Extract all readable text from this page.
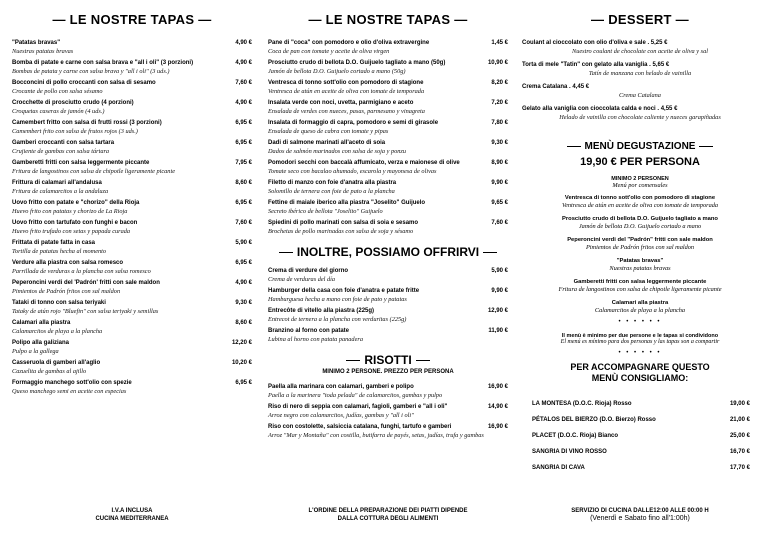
— LE NOSTRE TAPAS —
"Patatas bravas"	4,90 €
Nuestras patatas bravas
Bomba di patate e carne con salsa brava e "all i oli" (3 porzioni)	4,90 €
Bombas de patata y carne con salsa brava y "all i oli" (3 uds.)
Bocconcini di pollo croccanti con salsa di sesamo	7,60 €
Crocante de pollo con salsa sésamo
Crocchette di prosciutto crudo (4 porzioni)	4,90 €
Croquetas caseras de jamón (4 uds.)
Camembert fritto con salsa di frutti rossi (3 porzioni)	6,95 €
Camembert frito con salsa de frutos rojos (3 uds.)
Gamberi croccanti con salsa tartara	6,95 €
Crujiente de gambas con salsa tártara
Gamberetti fritti con salsa leggermente piccante	7,95 €
Fritura de langostinos con salsa de chipotle ligeramente picante
Frittura di calamari all'andalusa	8,60 €
Fritura de calamarcitos a la andaluza
Uovo fritto con patate e "chorizo" della Rioja	6,95 €
Huevo frito con patatas y chorizo de La Rioja
Uovo fritto con tartufato con funghi e bacon	7,60 €
Huevo frito trufado con setas y papada curada
Frittata di patate fatta in casa	5,90 €
Tortilla de patatas hecha al momento
Verdure alla piastra con salsa romesco	6,95 €
Parrillada de verduras a la plancha con salsa romesco
Peperoncini verdi del 'Padrón' fritti con sale maldon	4,90 €
Pimientos de Padrón fritos con sal maldon
Tataki di tonno con salsa teriyaki	9,30 €
Tataky de atún rojo "Bluefin" con salsa teriyaki y semillas
Calamari alla piastra	8,60 €
Calamarcitos de playa a la plancha
Polipo alla galiziana	12,20 €
Pulpo a la gallega
Casseruola di gamberi all'aglio	10,20 €
Cazuelita de gambas al ajillo
Formaggio manchego sott'olio con spezie	6,95 €
Queso manchego semi en aceite con especias
I.V.A INCLUSA
CUCINA MEDITERRANEA
— LE NOSTRE TAPAS —
Pane di "coca" con pomodoro e olio d'oliva extravergine	1,45 €
Coca de pan con tomate y aceite de oliva virgen
Prosciutto crudo di bellota D.O. Guijuelo tagliato a mano (50g)	10,90 €
Jamón de bellota D.O. Guijuelo cortado a mano (50g)
Ventresca di tonno sott'olio con pomodoro di stagione	8,20 €
Ventresca de atún en aceite de oliva con tomate de temporada
Insalata verde con noci, uvetta, parmigiano e aceto	7,20 €
Ensalada de verdes con nueces, pasas, parmesano y vinagreta
Insalata di formaggio di capra, pomodoro e semi di girasole	7,80 €
Ensalada de queso de cabra con tomate y pipas
Dadi di salmone marinati all'aceto di soia	9,30 €
Dados de salmón marinados con salsa de soja y ponzu
Pomodori secchi con baccalà affumicato, verza e maionese di olive	8,90 €
Tomate seco con bacalao ahumado, escarola y mayonesa de olivas
Filetto di manzo con foie d'anatra alla piastra	9,90 €
Solomillo de ternera con foie de pato a la plancha
Fettine di maiale iberico alla piastra "Joselito" Guijuelo	9,65 €
Secreto ibérico de bellota "Joselito" Guijuelo
Spiedini di pollo marinati con salsa di soia e sesamo	7,60 €
Brochetas de pollo marinadas con salsa de soja y sésamo
INOLTRE, POSSIAMO OFFRIRVI
Crema di verdure del giorno	5,90 €
Crema de verduras del día
Hamburger della casa con foie d'anatra e patate fritte	9,90 €
Hamburguesa hecha a mano con foie de pato y patatas
Entrecôte di vitello alla piastra (225g)	12,90 €
Entrecot de ternera a la plancha con verduritas (225g)
Branzino al forno con patate	11,90 €
Lubina al horno con patata panadera
RISOTTI
MINIMO 2 PERSONE. PREZZO PER PERSONA
Paella alla marinara con calamari, gamberi e polipo	16,90 €
Paella a la marinera "toda pelada" de calamarcitos, gambas y pulpo
Riso di nero di seppia con calamari, fagioli, gamberi e "all i oli"	14,90 €
Arroz negro con calamarcitos, judías, gambas y "all i oli"
Riso con costolette, salsiccia catalana, funghi, tartufo e gamberi	16,90 €
Arroz "Mar y Montaña" con costilla, butifarra de payés, setas, judías, trufa y gambas
L'ORDINE DELLA PREPARAZIONE DEI PIATTI DIPENDE
DALLA COTTURA DEGLI ALIMENTI
— DESSERT —
Coulant al cioccolato con olio d'oliva e sale . 5,25 €
Nuestro coulant de chocolate con aceite de oliva y sal
Torta di mele "Tatin" con gelato alla vaniglia . 5,65 €
Tatín de manzana con helado de vainilla
Crema Catalana . 4,45 €
Crema Catalana
Gelato alla vaniglia con cioccolata calda e noci . 4,55 €
Helado de vainilla con chocolate caliente y nueces garapiñadas
MENÙ DEGUSTAZIONE
19,90 € PER PERSONA
MINIMO 2 PERSONEN
Menú por comensales
Ventresca di tonno sott'olio con pomodoro di stagione
Ventresca de atún en aceite de oliva con tomate de temporada
Prosciutto crudo di bellota D.O. Guijuelo tagliato a mano
Jamón de bellota D.O. Guijuelo cortado a mano
Peperoncini verdi del "Padrón" fritti con sale maldon
Pimientos de Padrón fritos con sal maldon
"Patatas bravas"
Nuestras patatas bravas
Gamberetti fritti con salsa leggermente piccante
Fritura de langostinos con salsa de chipotle ligeramente picante
Calamari alla piastra
Calamarcitos de playa a la plancha
• • • • • •
Il menù è minimo per due persone e le tapas si condividono
El menú es mínimo para dos personas y las tapas son a compartir
• • • • • •
PER ACCOMPAGNARE QUESTO
MENÙ CONSIGLIAMO:
LA MONTESA (D.O.C. Rioja) Rosso	19,00 €
PÉTALOS DEL BIERZO (D.O. Bierzo) Rosso	21,00 €
PLACET (D.O.C. Rioja) Bianco	25,00 €
SANGRIA DI VINO ROSSO	16,70 €
SANGRIA DI CAVA	17,70 €
SERVIZIO DI CUCINA DALLE12:00 ALLE 00:00 H
(Venerdì e Sabato fino all'1:00h)
